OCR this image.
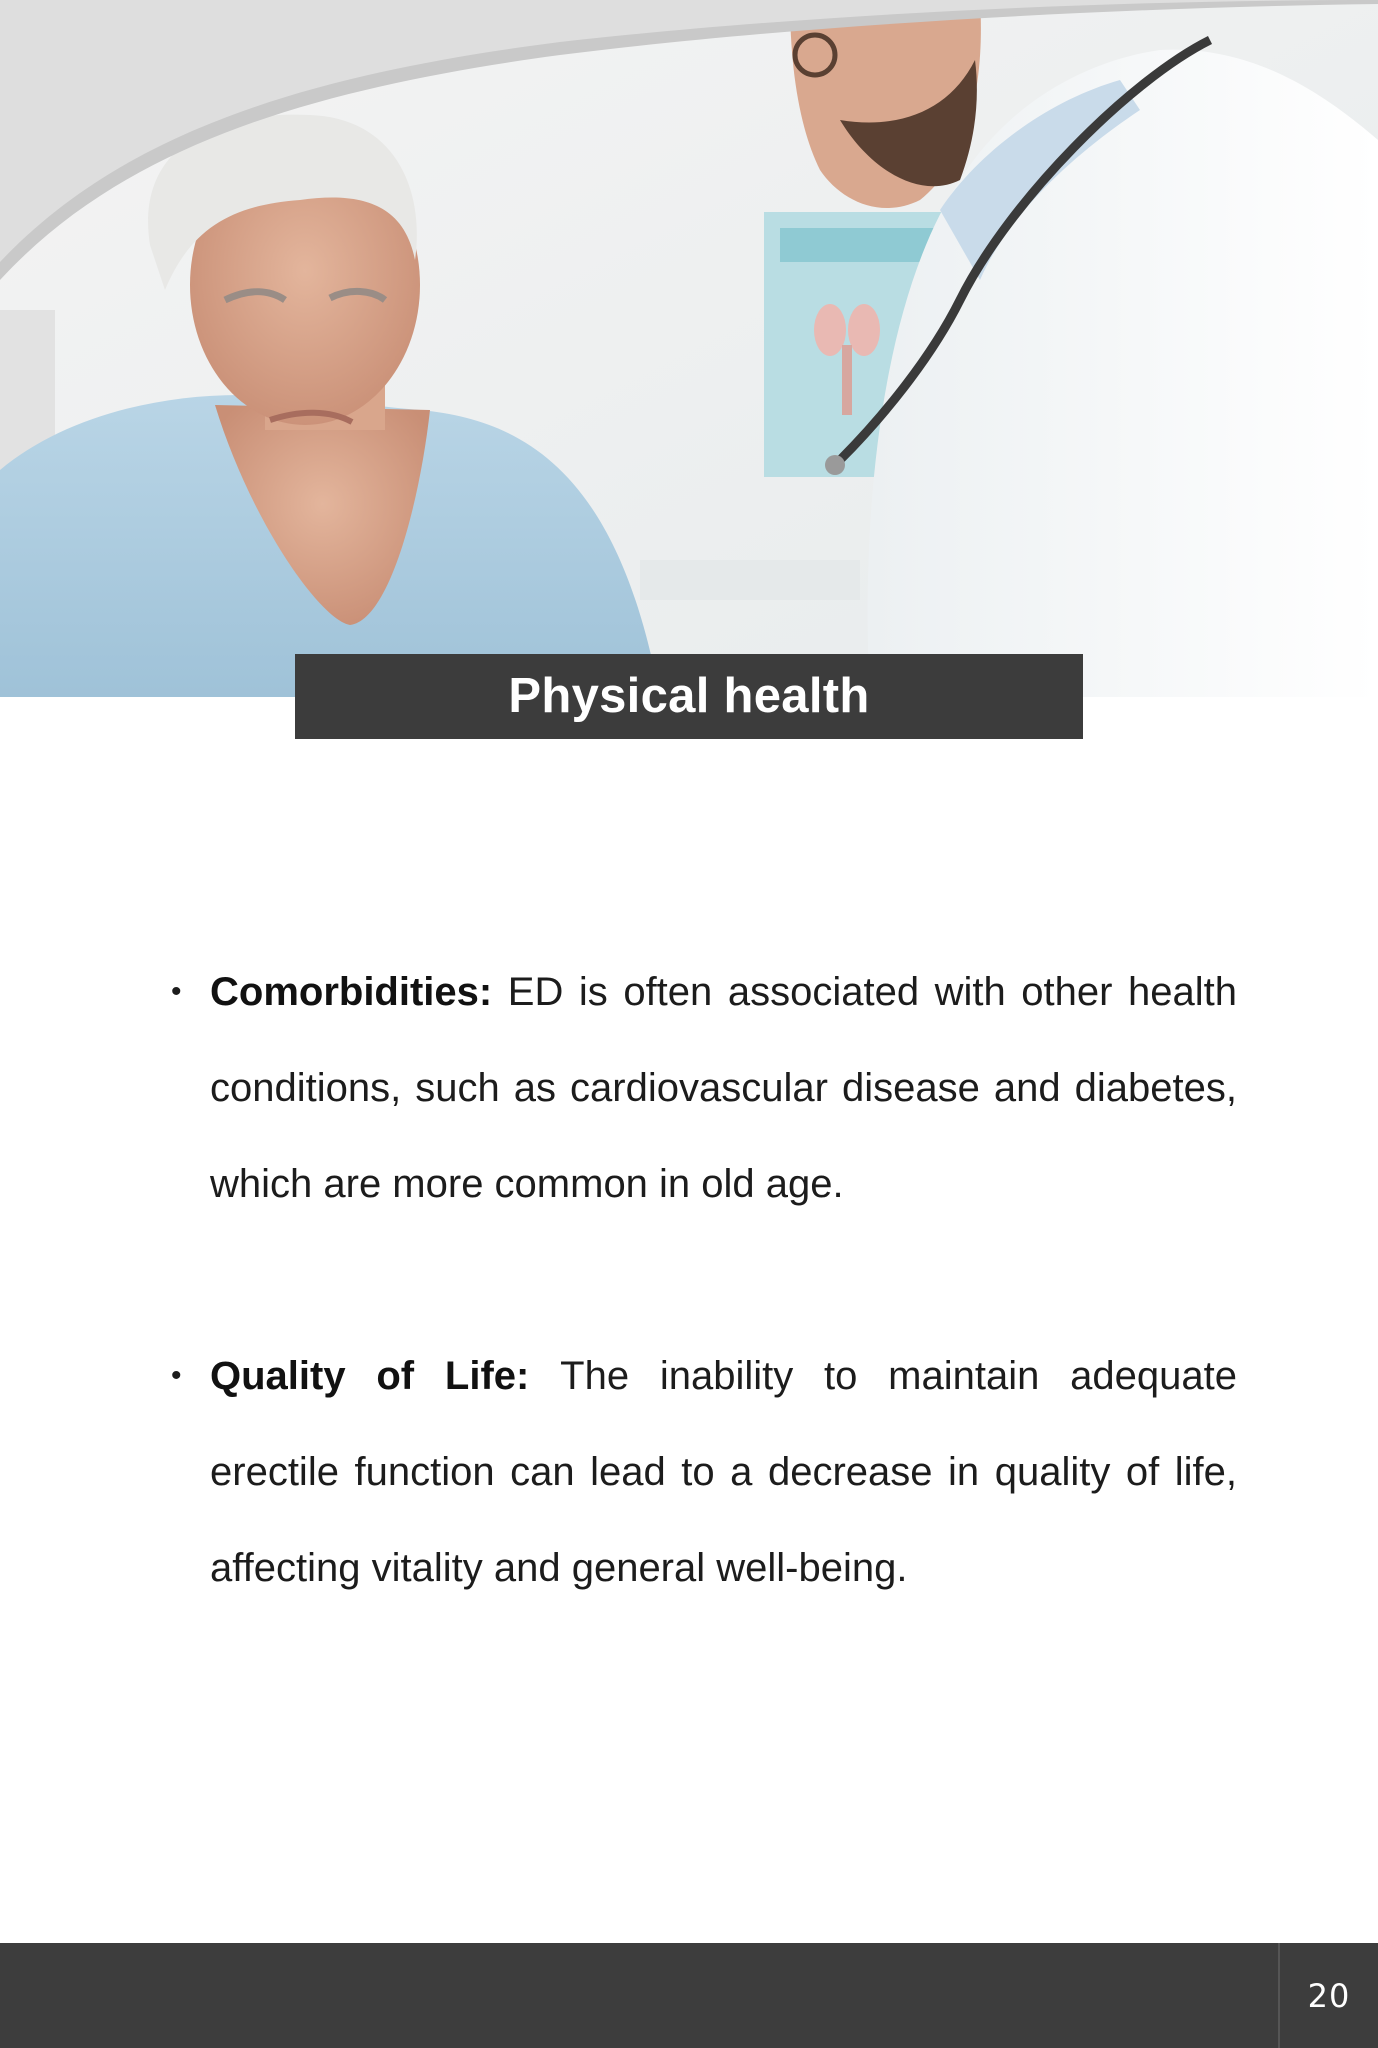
Physical health

• Comorbidities: ED is often associated with other health conditions, such as cardiovascular disease and diabetes, which are more common in old age.

• Quality of Life: The inability to maintain adequate erectile function can lead to a decrease in quality of life, affecting vitality and general well-being.

20
